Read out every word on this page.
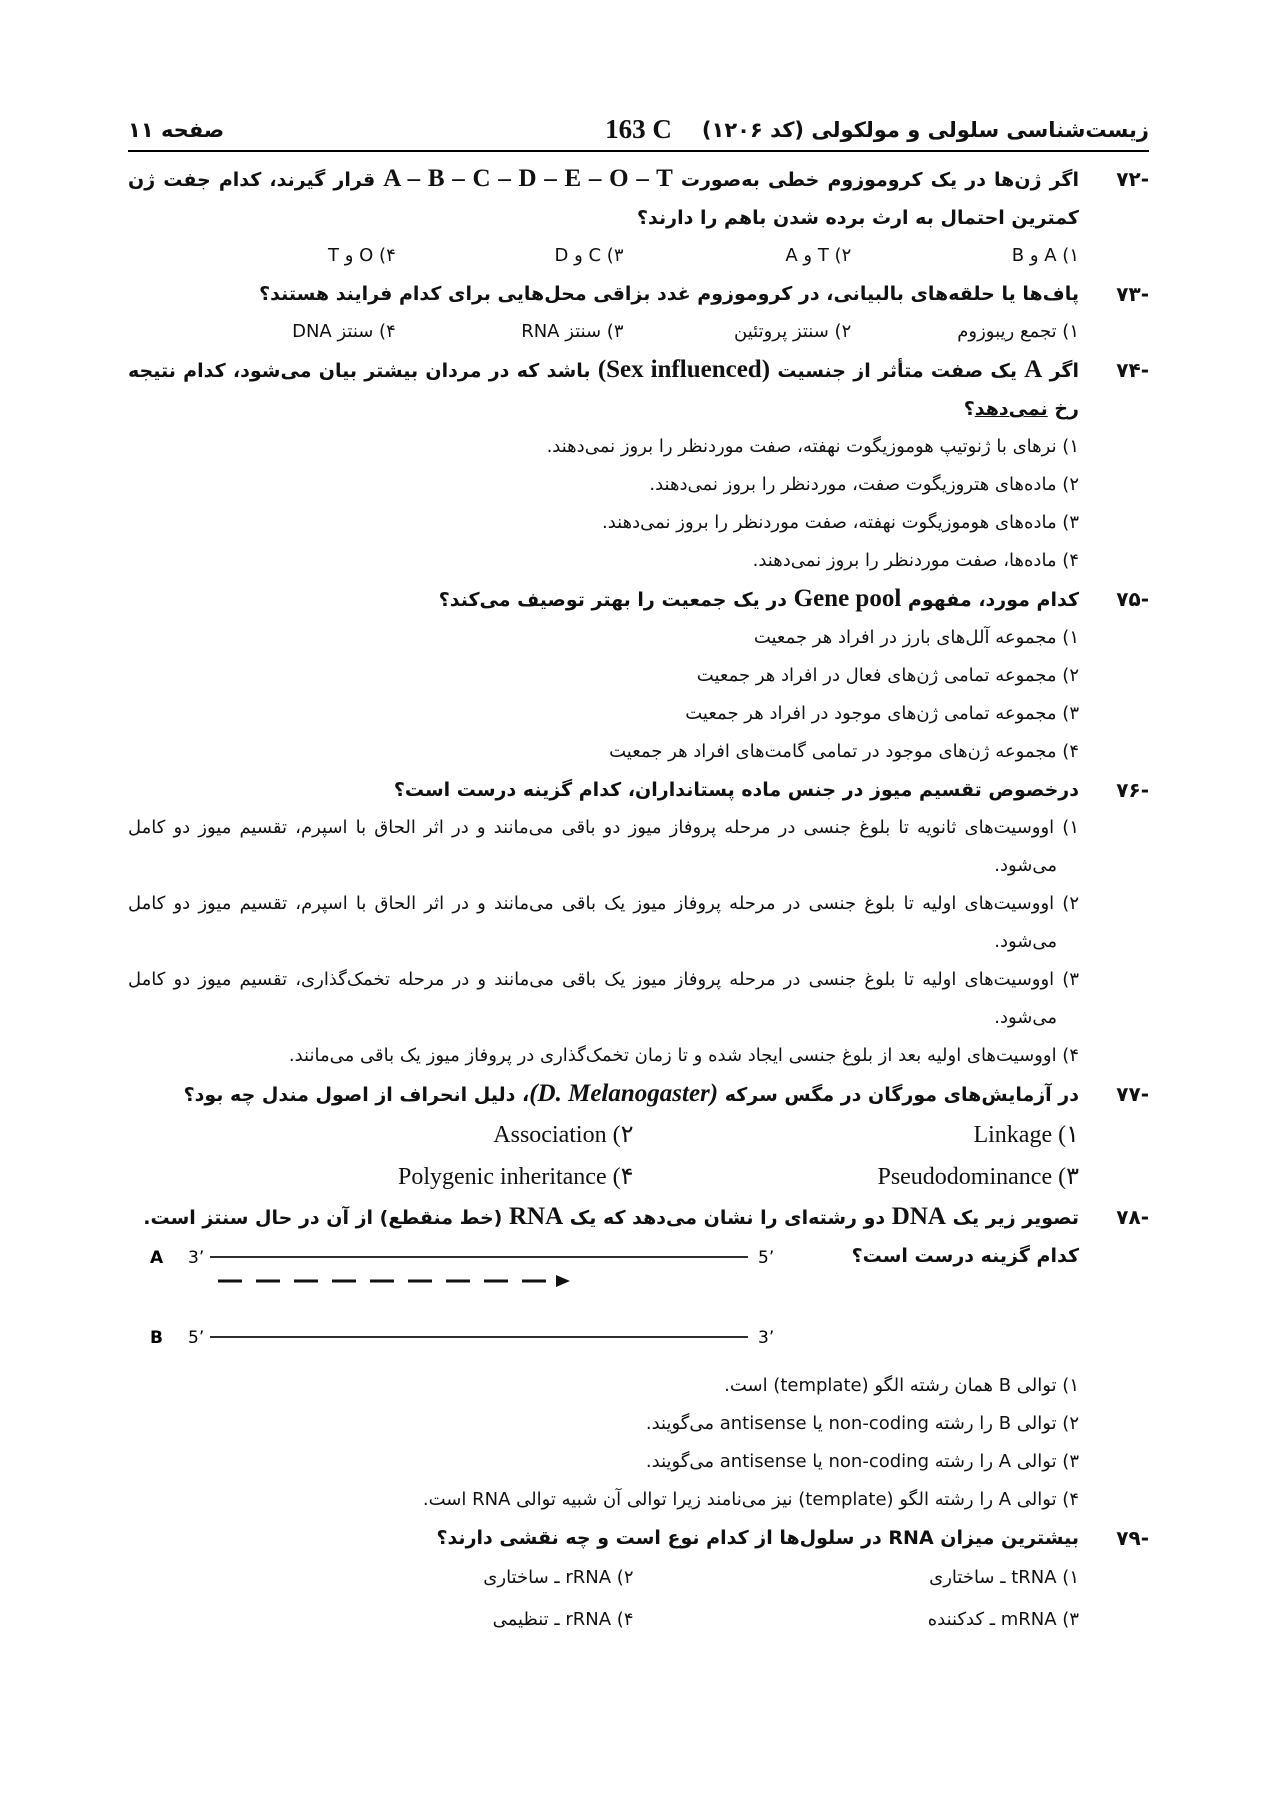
زیست‌شناسی سلولی و مولکولی (کد ۱۲۰۶)
163 C
صفحه ۱۱
-۷۲
اگر ژن‌ها در یک کروموزوم خطی به‌صورت A – B – C – D – E – O – T قرار گیرند، کدام جفت ژن کمترین احتمال به ارث برده شدن باهم را دارند؟
۱) A و B
۲) T و A
۳) C و D
۴) O و T
-۷۳
پاف‌ها یا حلقه‌های بالبیانی، در کروموزوم غدد بزاقی محل‌هایی برای کدام فرایند هستند؟
۱) تجمع ریبوزوم
۲) سنتز پروتئین
۳) سنتز RNA
۴) سنتز DNA
-۷۴
اگر A یک صفت متأثر از جنسیت (Sex influenced) باشد که در مردان بیشتر بیان می‌شود، کدام نتیجه رخ نمی‌دهد؟
۱) نرهای با ژنوتیپ هوموزیگوت نهفته، صفت موردنظر را بروز نمی‌دهند.
۲) ماده‌های هتروزیگوت صفت، موردنظر را بروز نمی‌دهند.
۳) ماده‌های هوموزیگوت نهفته، صفت موردنظر را بروز نمی‌دهند.
۴) ماده‌ها، صفت موردنظر را بروز نمی‌دهند.
-۷۵
کدام مورد، مفهوم Gene pool در یک جمعیت را بهتر توصیف می‌کند؟
۱) مجموعه آلل‌های بارز در افراد هر جمعیت
۲) مجموعه تمامی ژن‌های فعال در افراد هر جمعیت
۳) مجموعه تمامی ژن‌های موجود در افراد هر جمعیت
۴) مجموعه ژن‌های موجود در تمامی گامت‌های افراد هر جمعیت
-۷۶
درخصوص تقسیم میوز در جنس ماده پستانداران، کدام گزینه درست است؟
۱) اووسیت‌های ثانویه تا بلوغ جنسی در مرحله پروفاز میوز دو باقی می‌مانند و در اثر الحاق با اسپرم، تقسیم میوز دو کامل می‌شود.
۲) اووسیت‌های اولیه تا بلوغ جنسی در مرحله پروفاز میوز یک باقی می‌مانند و در اثر الحاق با اسپرم، تقسیم میوز دو کامل می‌شود.
۳) اووسیت‌های اولیه تا بلوغ جنسی در مرحله پروفاز میوز یک باقی می‌مانند و در مرحله تخمک‌گذاری، تقسیم میوز دو کامل می‌شود.
۴) اووسیت‌های اولیه بعد از بلوغ جنسی ایجاد شده و تا زمان تخمک‌گذاری در پروفاز میوز یک باقی می‌مانند.
-۷۷
در آزمایش‌های مورگان در مگس سرکه (D. Melanogaster)، دلیل انحراف از اصول مندل چه بود؟
۱) Linkage
۲) Association
۳) Pseudodominance
۴) Polygenic inheritance
-۷۸
تصویر زیر یک DNA دو رشته‌ای را نشان می‌دهد که یک RNA (خط منقطع) از آن در حال سنتز است.
کدام گزینه درست است؟
A 3’	5’
B 5’	3’
۱) توالی B همان رشته الگو (template) است.
۲) توالی B را رشته non-coding یا antisense می‌گویند.
۳) توالی A را رشته non-coding یا antisense می‌گویند.
۴) توالی A را رشته الگو (template) نیز می‌نامند زیرا توالی آن شبیه توالی RNA است.
-۷۹
بیشترین میزان RNA در سلول‌ها از کدام نوع است و چه نقشی دارند؟
۱) tRNA ـ ساختاری
۲) rRNA ـ ساختاری
۳) mRNA ـ کدکننده
۴) rRNA ـ تنظیمی
